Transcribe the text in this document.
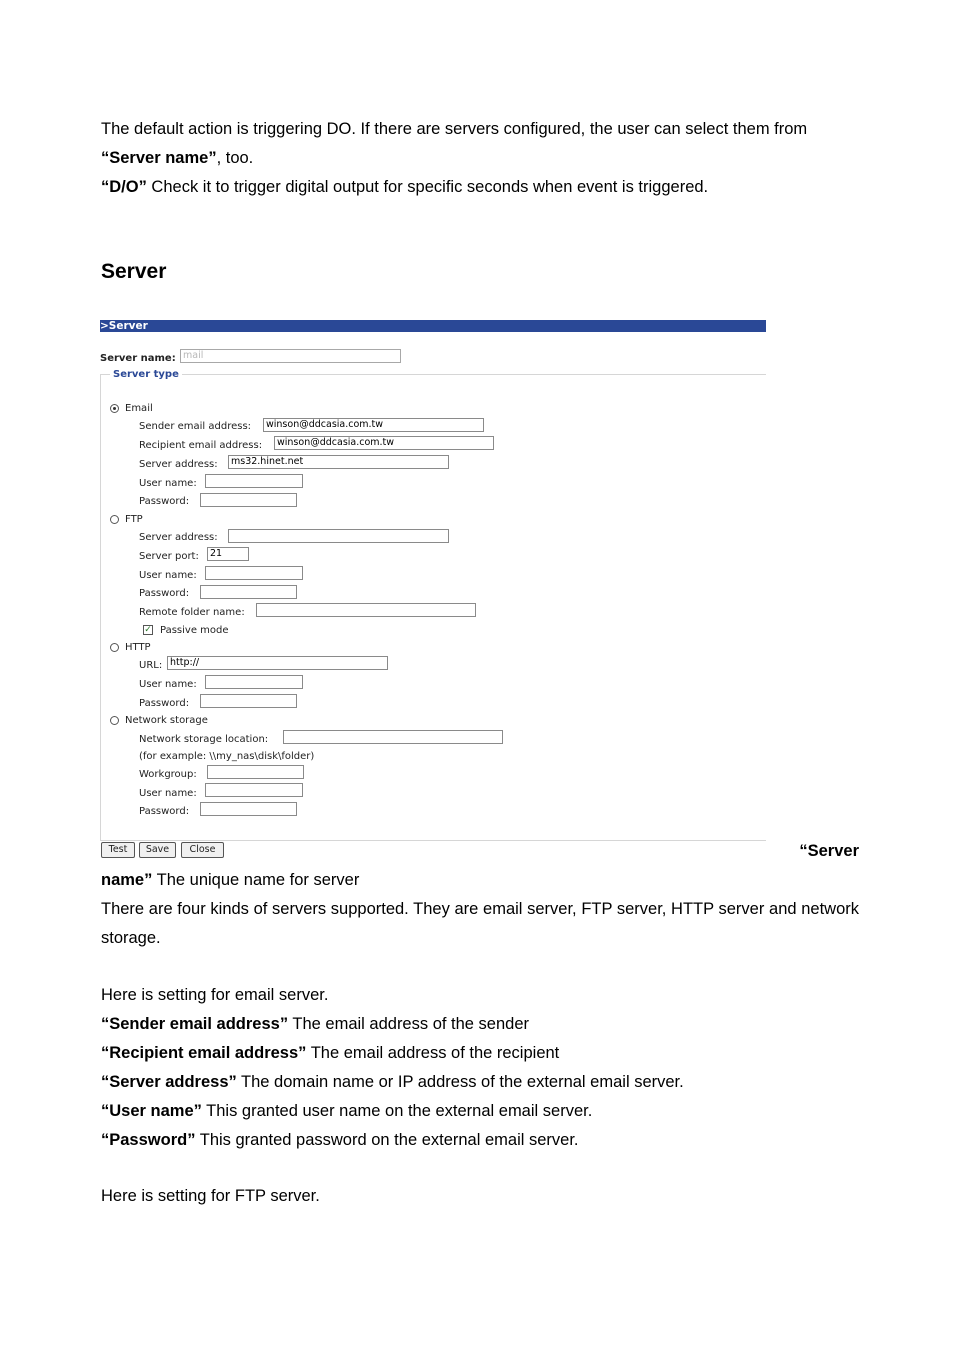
The default action is triggering DO. If there are servers configured, the user can select them from
“Server name”, too.
“D/O” Check it to trigger digital output for specific seconds when event is triggered.
Server
>Server
Server name: mail
Server type
Email
Sender email address:	winson@ddcasia.com.tw
Recipient email address:	winson@ddcasia.com.tw
Server address:	ms32.hinet.net
User name:
Password:
FTP
Server address:
Server port:	21
User name:
Password:
Remote folder name:
✓ Passive mode
HTTP
URL: http://
User name:
Password:
Network storage
Network storage location:
(for example: \\my_nas\disk\folder)
Workgroup:
User name:
Password:
Test	Save	Close	“Server
name” The unique name for server
There are four kinds of servers supported. They are email server, FTP server, HTTP server and network storage.
Here is setting for email server.
“Sender email address” The email address of the sender
“Recipient email address” The email address of the recipient
“Server address” The domain name or IP address of the external email server.
“User name” This granted user name on the external email server.
“Password” This granted password on the external email server.
Here is setting for FTP server.
